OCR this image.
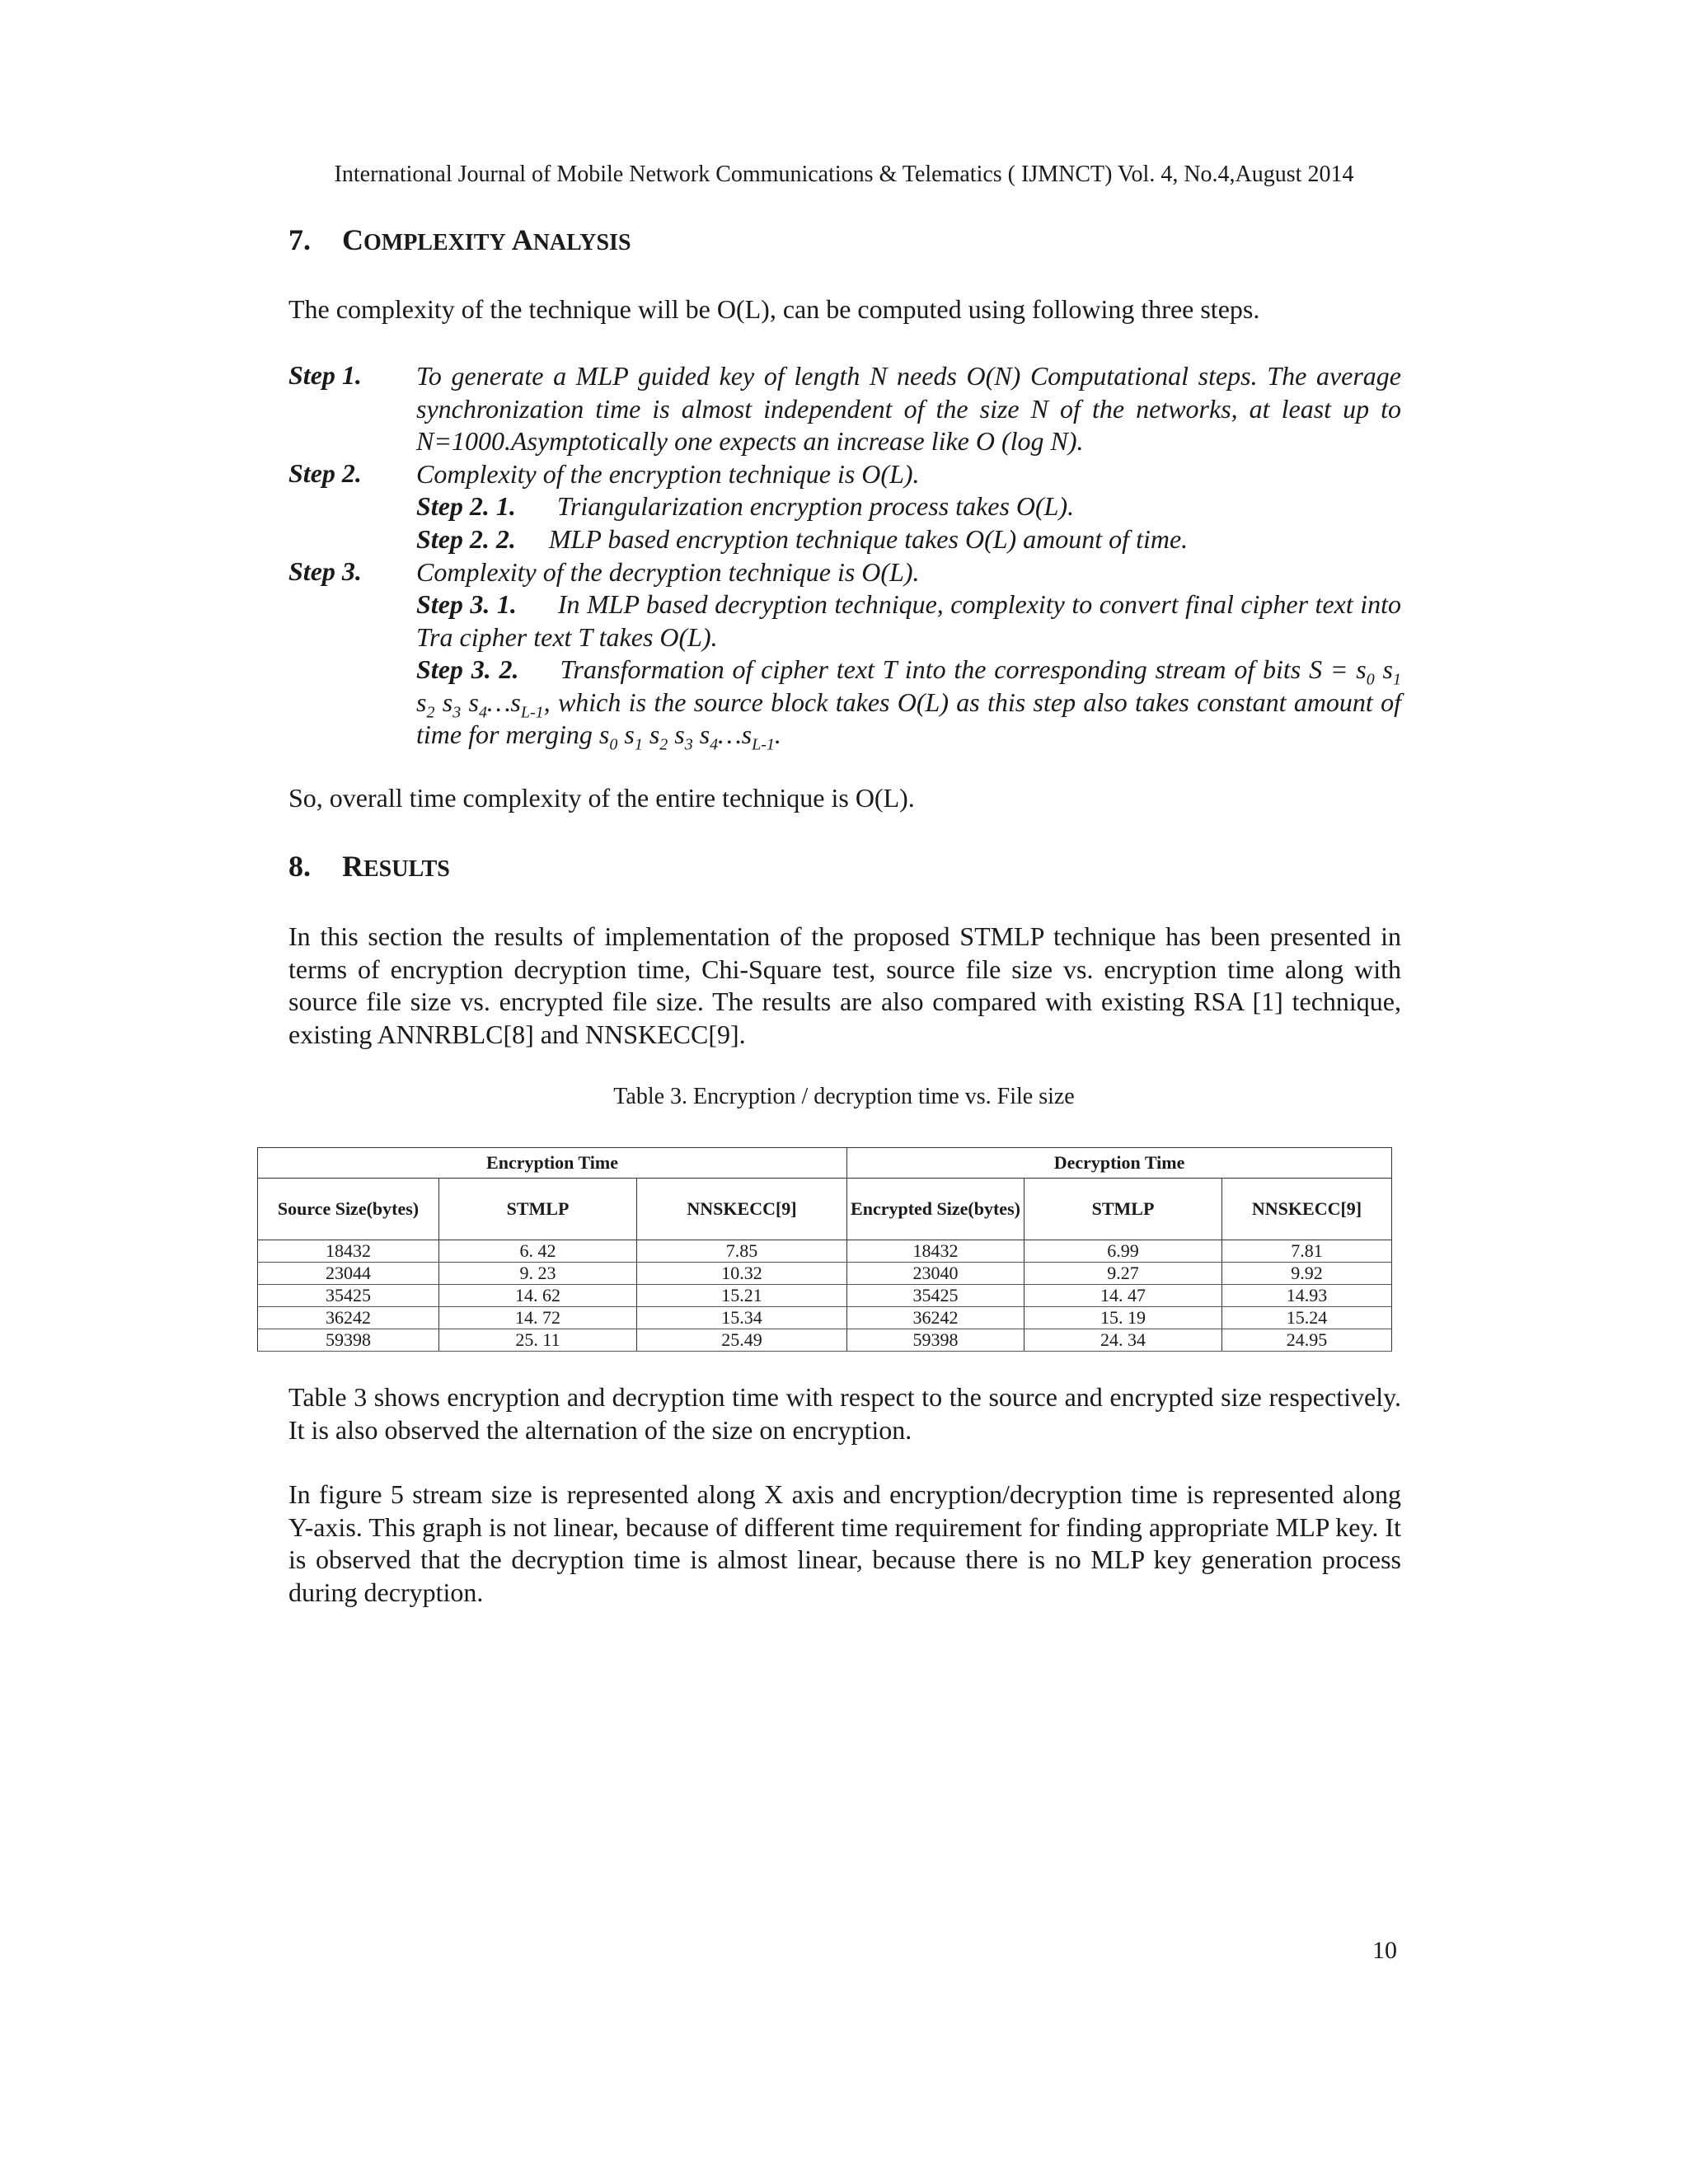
International Journal of Mobile Network Communications & Telematics ( IJMNCT) Vol. 4, No.4,August 2014
7. COMPLEXITY ANALYSIS
The complexity of the technique will be O(L), can be computed using following three steps.
Step 1. To generate a MLP guided key of length N needs O(N) Computational steps. The average synchronization time is almost independent of the size N of the networks, at least up to N=1000.Asymptotically one expects an increase like O (log N).

Step 2. Complexity of the encryption technique is O(L).

Step 2. 1. Triangularization encryption process takes O(L).

Step 2. 2. MLP based encryption technique takes O(L) amount of time.

Step 3. Complexity of the decryption technique is O(L).

Step 3. 1. In MLP based decryption technique, complexity to convert final cipher text into Tra cipher text T takes O(L).

Step 3. 2. Transformation of cipher text T into the corresponding stream of bits $S = s_0$ $s_1$ $s_2$ $s_3$ $s_4\dots s_{L-1}$, which is the source block takes O(L) as this step also takes constant amount of time for merging $s_0$ $s_1$ $s_2$ $s_3$ $s_4\dots s_{L-1}$.

So, overall time complexity of the entire technique is O(L).
8. RESULTS

In this section the results of implementation of the proposed STMLP technique has been presented in terms of encryption decryption time, Chi-Square test, source file size vs. encryption time along with source file size vs. encrypted file size. The results are also compared with existing RSA [1] technique, existing ANNRBLC[8] and NNSKECC[9].

Table 3. Encryption / decryption time vs. File size
Encryption Time			Decryption Time		
Source Size(bytes)	STMLP	NNSKECC[9]	Encrypted Size(bytes)	STMLP	NNSKECC[9]
18432	6. 42	7.85	18432	6.99	7.81
23044	9. 23	10.32	23040	9.27	9.92
35425	14. 62	15.21	35425	14. 47	14.93
36242	14. 72	15.34	36242	15. 19	15.24
59398	25. 11	25.49	59398	24. 34	24.95

Table 3 shows encryption and decryption time with respect to the source and encrypted size respectively. It is also observed the alternation of the size on encryption.

In figure 5 stream size is represented along X axis and encryption/decryption time is represented along Y-axis. This graph is not linear, because of different time requirement for finding appropriate MLP key. It is observed that the decryption time is almost linear, because there is no MLP key generation process during decryption.

10
